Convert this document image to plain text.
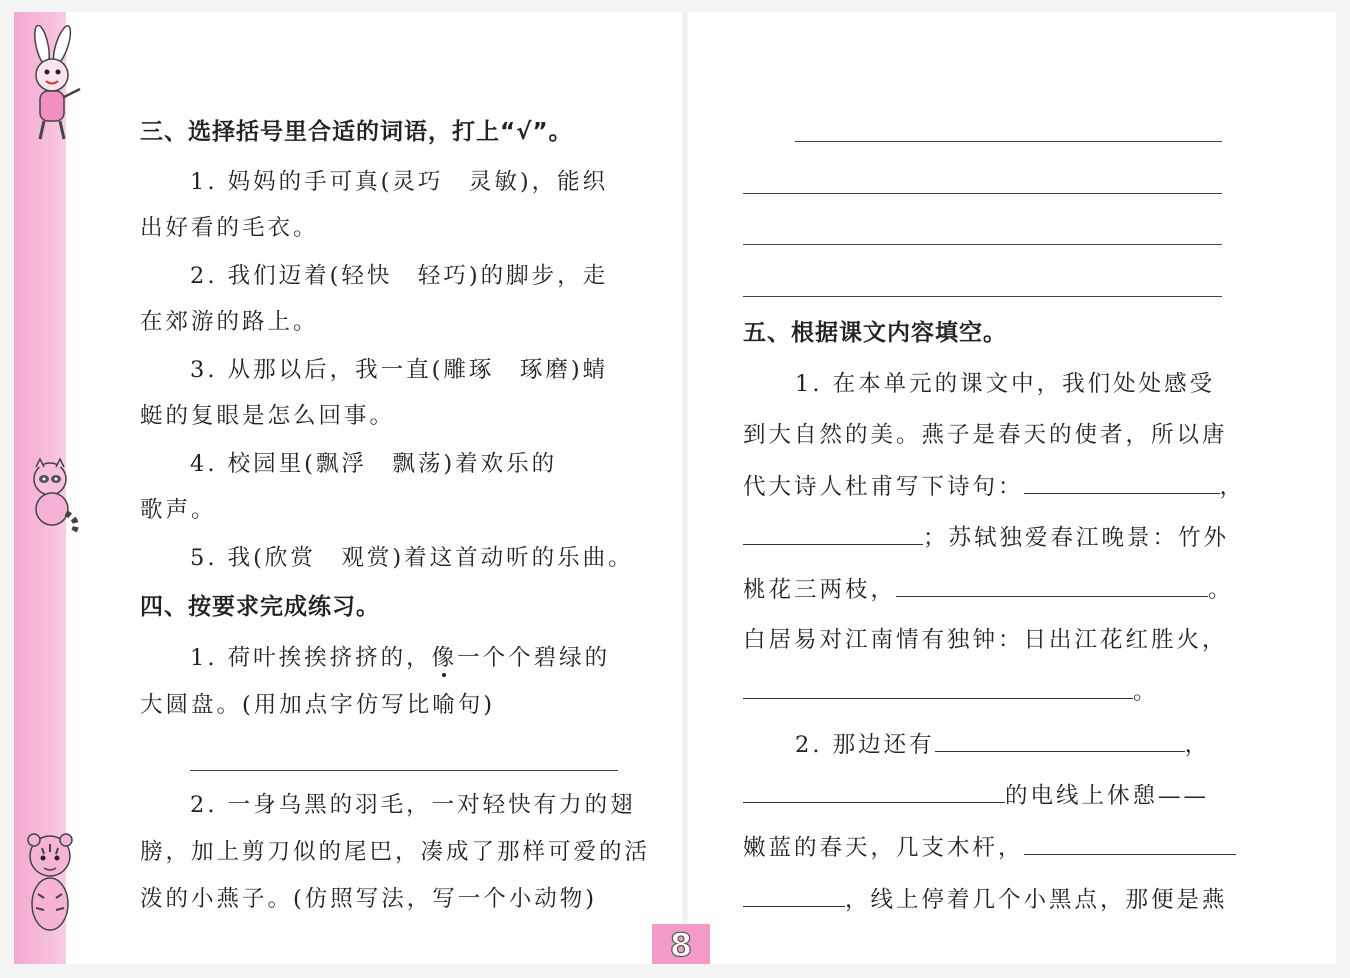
三、选择括号里合适的词语，打上“√”。
1. 妈妈的手可真(灵巧　灵敏)，能织
出好看的毛衣。
2. 我们迈着(轻快　轻巧)的脚步，走
在郊游的路上。
3. 从那以后，我一直(雕琢　琢磨)蜻
蜓的复眼是怎么回事。
4. 校园里(飘浮　飘荡)着欢乐的
歌声。
5. 我(欣赏　观赏)着这首动听的乐曲。
四、按要求完成练习。
1. 荷叶挨挨挤挤的，像一个个碧绿的
大圆盘。(用加点字仿写比喻句)
2. 一身乌黑的羽毛，一对轻快有力的翅
膀，加上剪刀似的尾巴，凑成了那样可爱的活
泼的小燕子。(仿照写法，写一个小动物)
五、根据课文内容填空。
1. 在本单元的课文中，我们处处感受
到大自然的美。燕子是春天的使者，所以唐
代大诗人杜甫写下诗句：	，
；苏轼独爱春江晚景：竹外
桃花三两枝，	。
白居易对江南情有独钟：日出江花红胜火，
。
2. 那边还有	，
的电线上休憩——
嫩蓝的春天，几支木杆，
，线上停着几个小黑点，那便是燕
8
